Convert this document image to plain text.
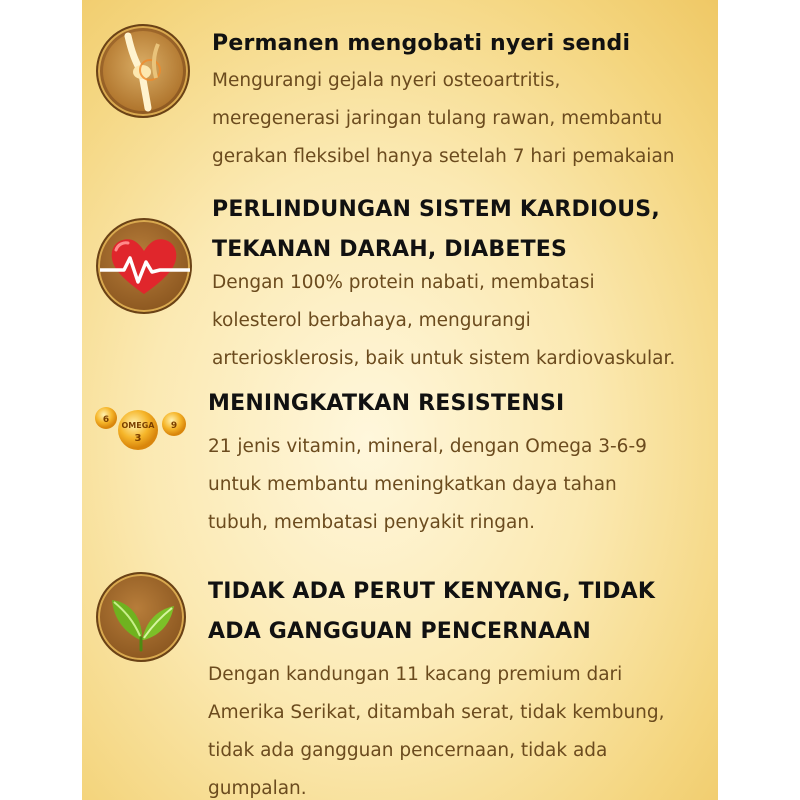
Permanen mengobati nyeri sendi

Mengurangi gejala nyeri osteoartritis,
meregenerasi jaringan tulang rawan, membantu
gerakan fleksibel hanya setelah 7 hari pemakaian

PERLINDUNGAN SISTEM KARDIOUS,
TEKANAN DARAH, DIABETES

Dengan 100% protein nabati, membatasi
kolesterol berbahaya, mengurangi
arteriosklerosis, baik untuk sistem kardiovaskular.

OMEGA
3
6
9

MENINGKATKAN RESISTENSI

21 jenis vitamin, mineral, dengan Omega 3-6-9
untuk membantu meningkatkan daya tahan
tubuh, membatasi penyakit ringan.

TIDAK ADA PERUT KENYANG, TIDAK
ADA GANGGUAN PENCERNAAN

Dengan kandungan 11 kacang premium dari
Amerika Serikat, ditambah serat, tidak kembung,
tidak ada gangguan pencernaan, tidak ada
gumpalan.
